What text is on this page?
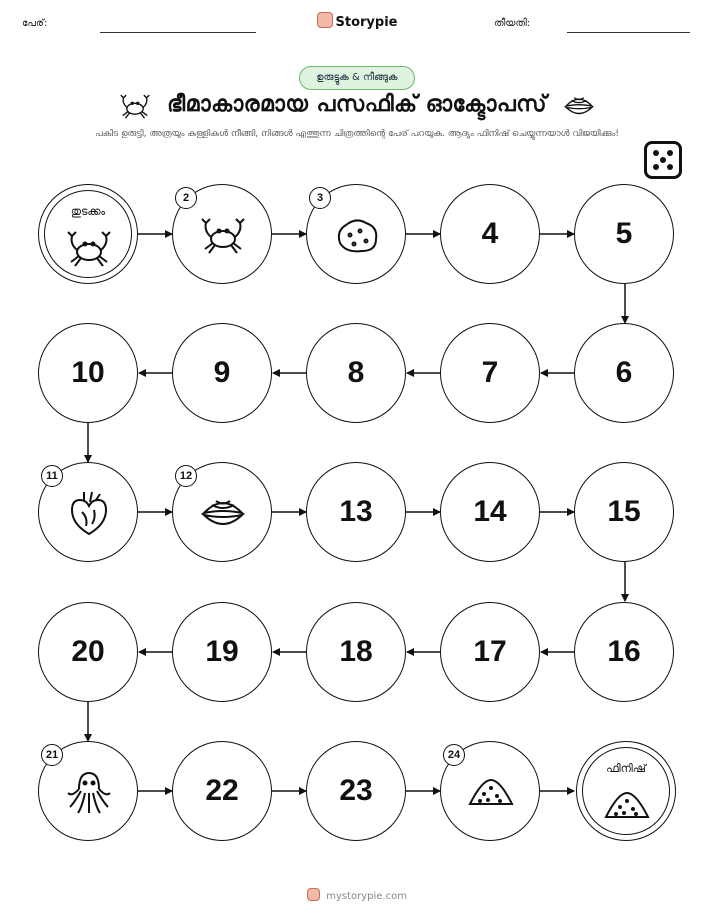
പേര്:	Storypie	തീയതി:
ഉരുട്ടുക & നീങ്ങുക
ഭീമാകാരമായ പസഫിക് ഓക്ടോപസ്
പകിട ഉരുട്ടി, അത്രയും കള്ളികൾ നീങ്ങി, നിങ്ങൾ എത്തുന്ന ചിത്രത്തിന്റെ പേര് പറയുക. ആദ്യം ഫിനിഷ് ചെയ്യുന്നയാൾ വിജയിക്കും!
തുടക്കം
2	3
4	5
6
7
8
9
10
11	12
13	14	15
16
17
18
19
20
21
22	23
24
ഫിനിഷ്
mystorypie.com
